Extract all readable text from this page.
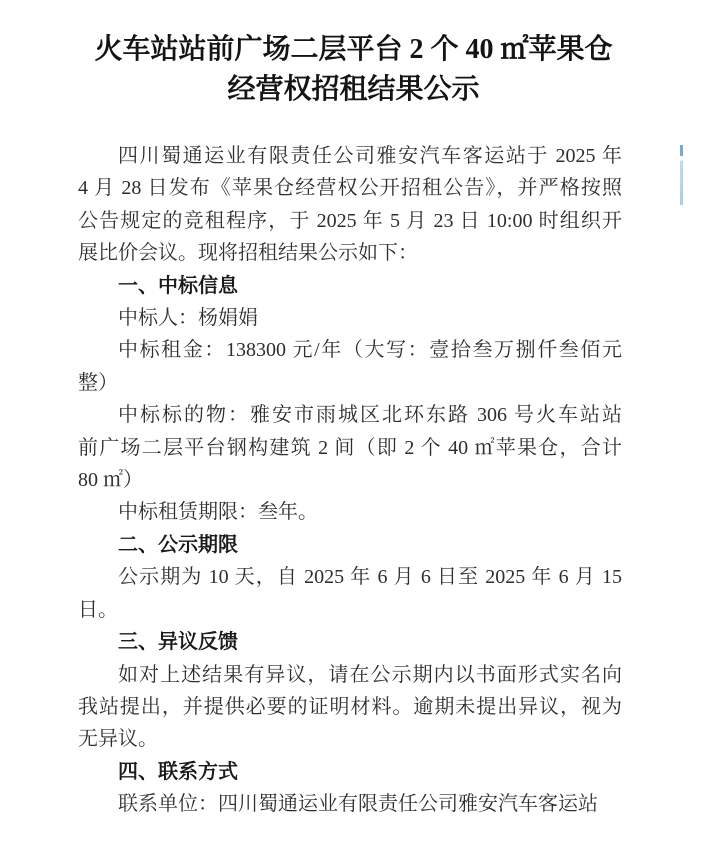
火车站站前广场二层平台 2 个 40 ㎡苹果仓
经营权招租结果公示

四川蜀通运业有限责任公司雅安汽车客运站于 2025 年

4 月 28 日发布《苹果仓经营权公开招租公告》，并严格按照

公告规定的竞租程序，于 2025 年 5 月 23 日 10:00 时组织开

展比价会议。现将招租结果公示如下：

一、中标信息

中标人：杨娟娟

中标租金：138300 元/年（大写：壹拾叁万捌仟叁佰元

整）

中标标的物：雅安市雨城区北环东路 306 号火车站站

前广场二层平台钢构建筑 2 间（即 2 个 40 ㎡苹果仓，合计

80 ㎡）

中标租赁期限：叁年。

二、公示期限

公示期为 10 天，自 2025 年 6 月 6 日至 2025 年 6 月 15

日。

三、异议反馈

如对上述结果有异议，请在公示期内以书面形式实名向

我站提出，并提供必要的证明材料。逾期未提出异议，视为

无异议。

四、联系方式

联系单位：四川蜀通运业有限责任公司雅安汽车客运站
